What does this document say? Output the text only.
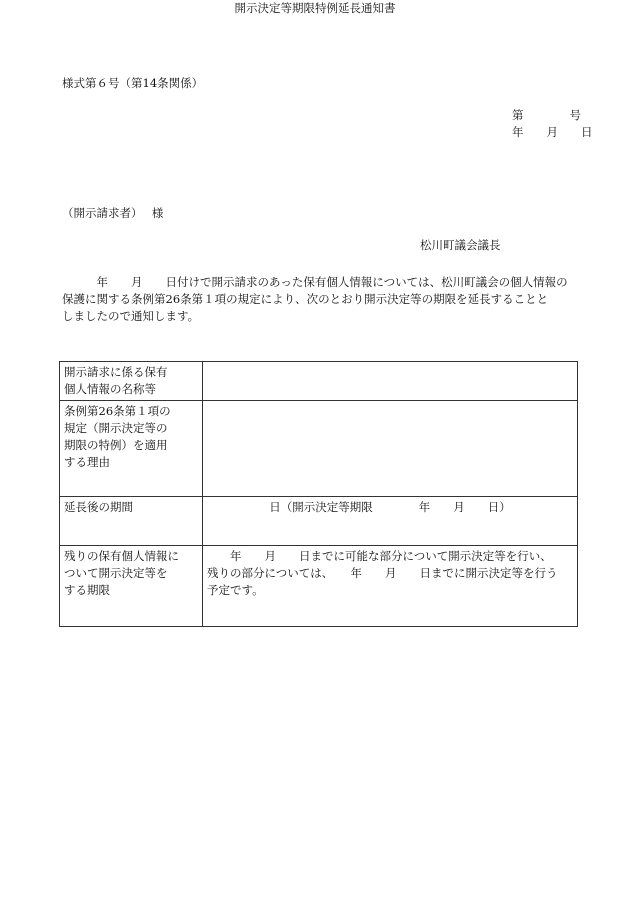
様式第６号（第14条関係）
第　　　　号
年　　月　　日
開示決定等期限特例延長通知書
（開示請求者）　 様
松川町議会議長
　　　年　　月　　日付けで開示請求のあった保有個人情報については、松川町議会の個人情報の
保護に関する条例第26条第１項の規定により、次のとおり開示決定等の期限を延長することと
しましたので通知します。
開示請求に係る保有
個人情報の名称等	

条例第26条第１項の
規定（開示決定等の
期限の特例）を適用
する理由	

延長後の期間	日（開示決定等期限　　　　年　　月　　日）

残りの保有個人情報に
ついて開示決定等を
する期限	　　年　　月　　日までに可能な部分について開示決定等を行い、
残りの部分については、　　年　　月　　日までに開示決定等を行う
予定です。
